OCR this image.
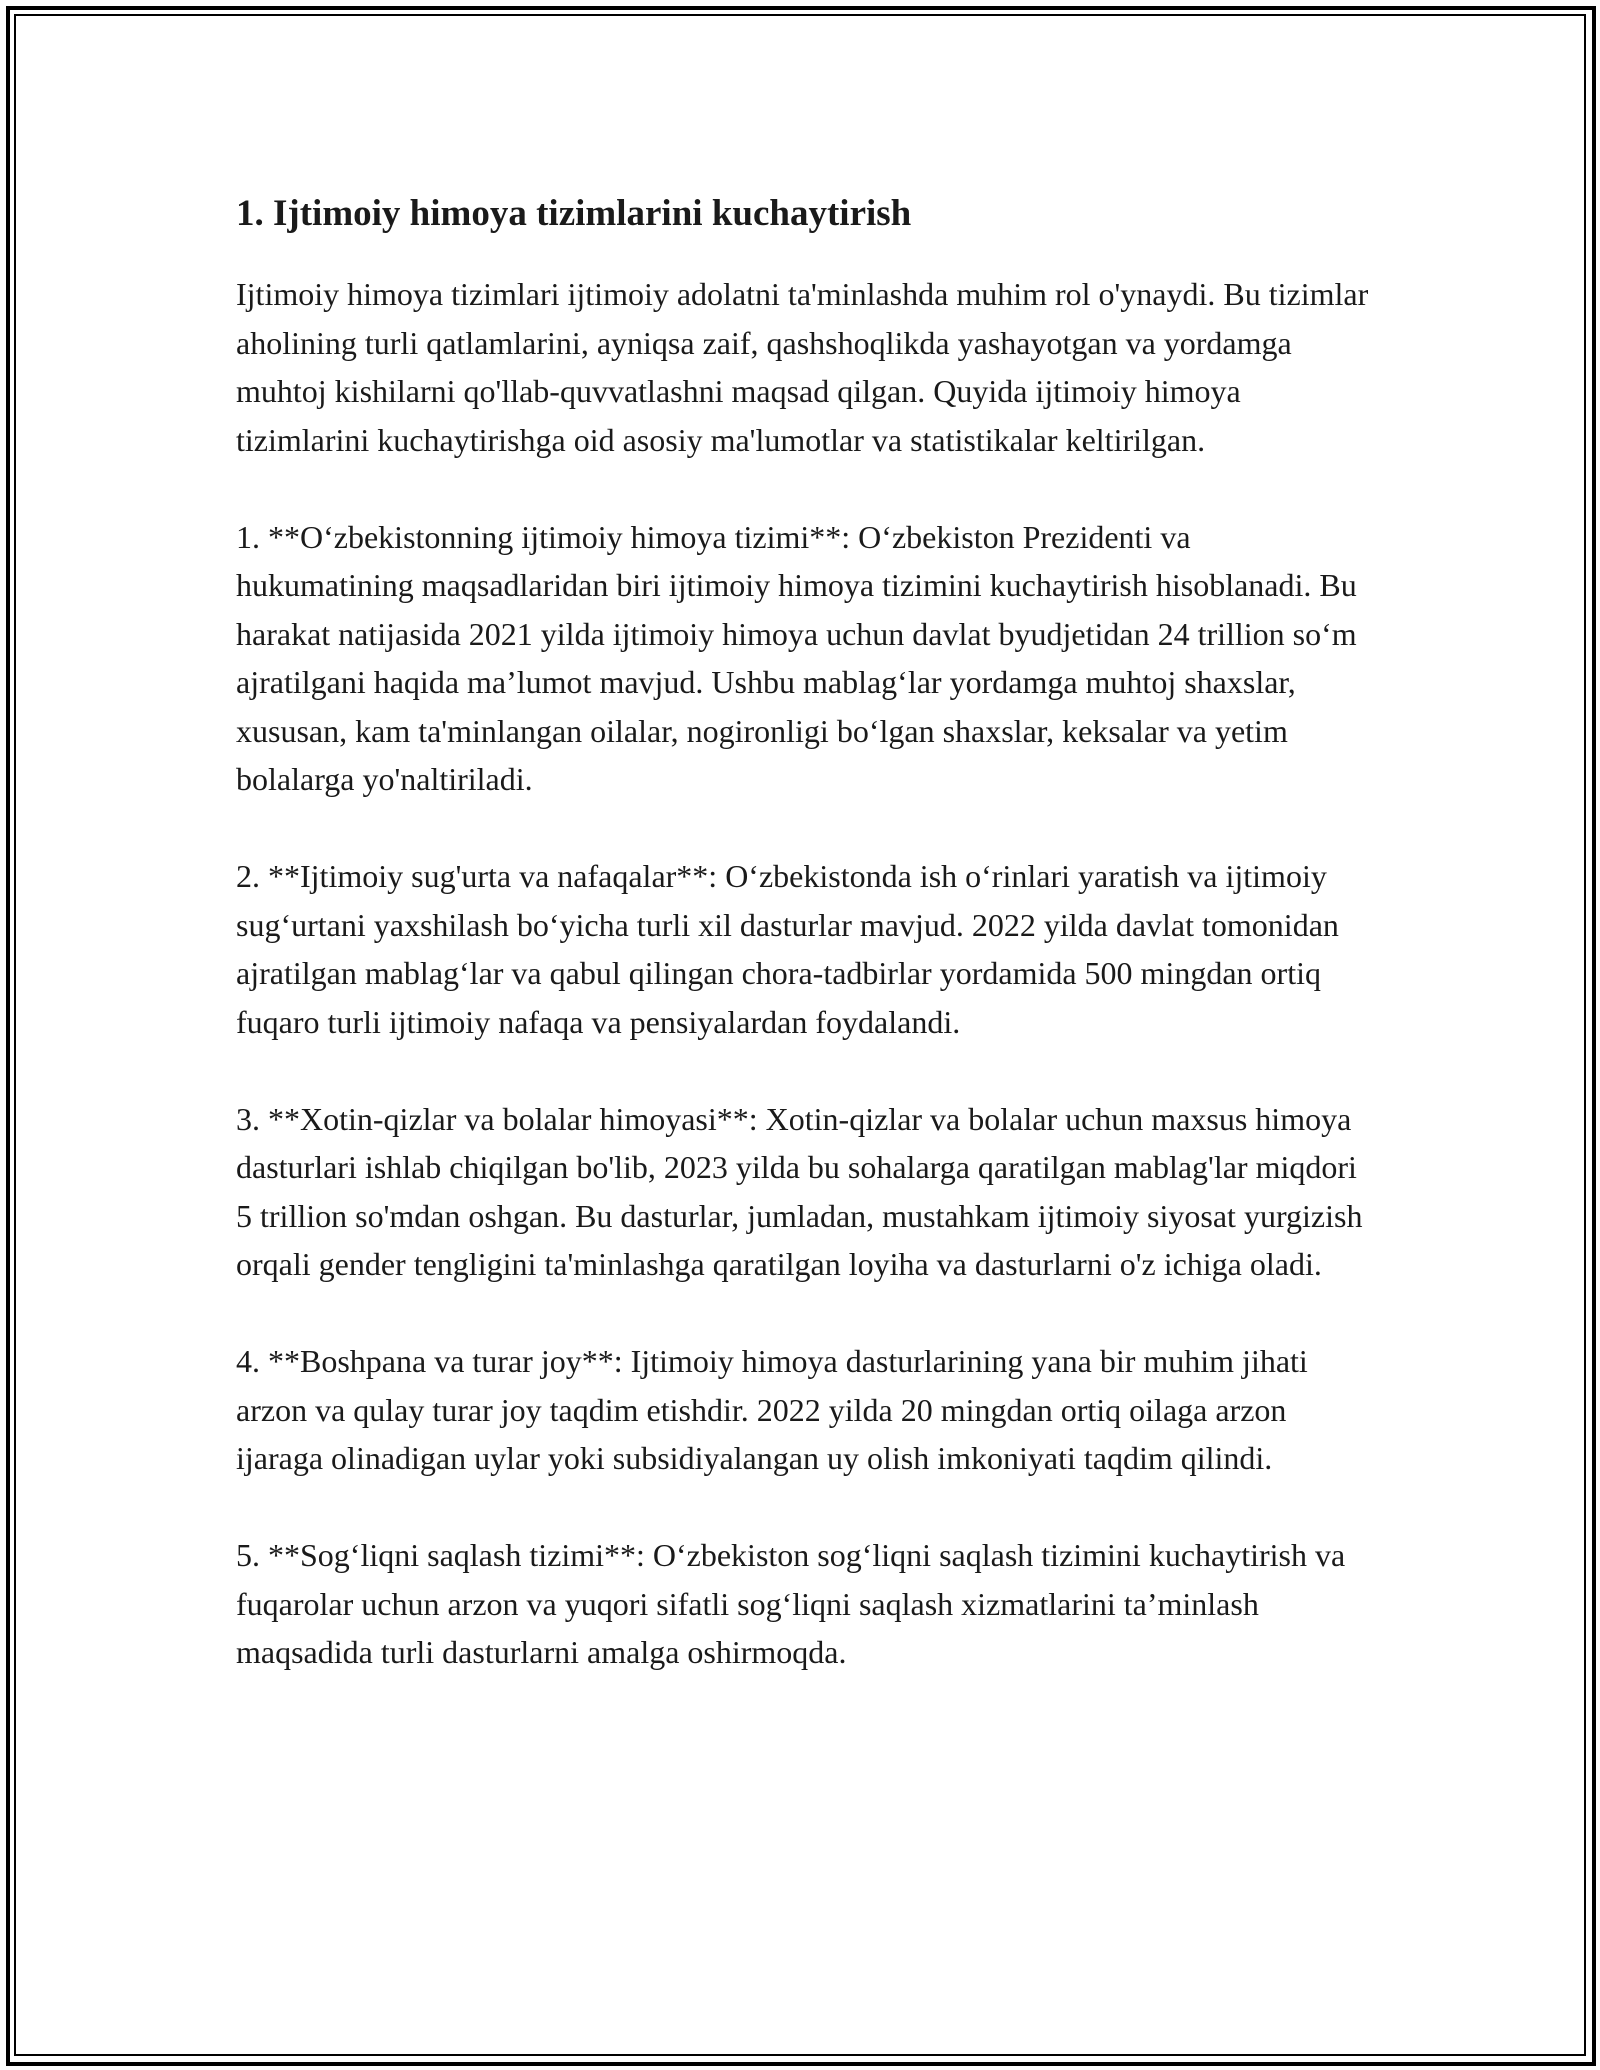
1. Ijtimoiy himoya tizimlarini kuchaytirish

Ijtimoiy himoya tizimlari ijtimoiy adolatni ta'minlashda muhim rol o'ynaydi. Bu tizimlar aholining turli qatlamlarini, ayniqsa zaif, qashshoqlikda yashayotgan va yordamga muhtoj kishilarni qo'llab-quvvatlashni maqsad qilgan. Quyida ijtimoiy himoya tizimlarini kuchaytirishga oid asosiy ma'lumotlar va statistikalar keltirilgan.

1. **O‘zbekistonning ijtimoiy himoya tizimi**: O‘zbekiston Prezidenti va hukumatining maqsadlaridan biri ijtimoiy himoya tizimini kuchaytirish hisoblanadi. Bu harakat natijasida 2021 yilda ijtimoiy himoya uchun davlat byudjetidan 24 trillion so‘m ajratilgani haqida ma’lumot mavjud. Ushbu mablag‘lar yordamga muhtoj shaxslar, xususan, kam ta'minlangan oilalar, nogironligi bo‘lgan shaxslar, keksalar va yetim bolalarga yo'naltiriladi.

2. **Ijtimoiy sug'urta va nafaqalar**: O‘zbekistonda ish o‘rinlari yaratish va ijtimoiy sug‘urtani yaxshilash bo‘yicha turli xil dasturlar mavjud. 2022 yilda davlat tomonidan ajratilgan mablag‘lar va qabul qilingan chora-tadbirlar yordamida 500 mingdan ortiq fuqaro turli ijtimoiy nafaqa va pensiyalardan foydalandi.

3. **Xotin-qizlar va bolalar himoyasi**: Xotin-qizlar va bolalar uchun maxsus himoya dasturlari ishlab chiqilgan bo'lib, 2023 yilda bu sohalarga qaratilgan mablag'lar miqdori 5 trillion so'mdan oshgan. Bu dasturlar, jumladan, mustahkam ijtimoiy siyosat yurgizish orqali gender tengligini ta'minlashga qaratilgan loyiha va dasturlarni o'z ichiga oladi.

4. **Boshpana va turar joy**: Ijtimoiy himoya dasturlarining yana bir muhim jihati arzon va qulay turar joy taqdim etishdir. 2022 yilda 20 mingdan ortiq oilaga arzon ijaraga olinadigan uylar yoki subsidiyalangan uy olish imkoniyati taqdim qilindi.

5. **Sog‘liqni saqlash tizimi**: O‘zbekiston sog‘liqni saqlash tizimini kuchaytirish va fuqarolar uchun arzon va yuqori sifatli sog‘liqni saqlash xizmatlarini ta’minlash maqsadida turli dasturlarni amalga oshirmoqda.
